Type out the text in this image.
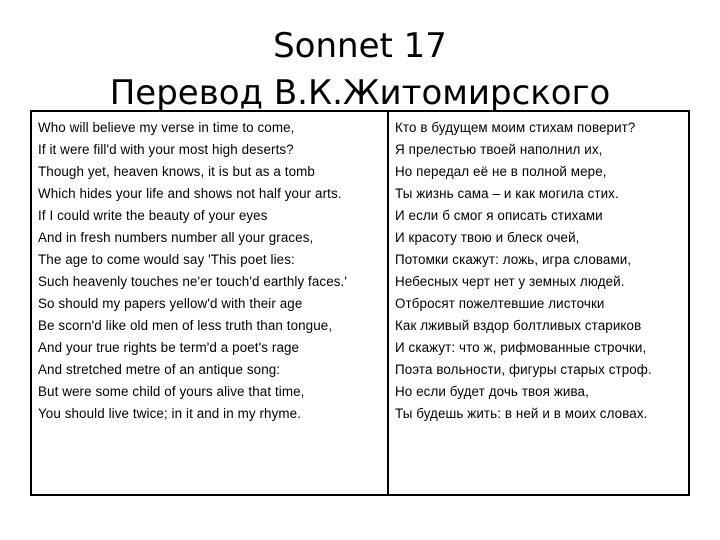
Sonnet 17
Перевод В.К.Житомирского
Who will believe my verse in time to come,
If it were fill'd with your most high deserts?
Though yet, heaven knows, it is but as a tomb
Which hides your life and shows not half your arts.
If I could write the beauty of your eyes
And in fresh numbers number all your graces,
The age to come would say 'This poet lies:
Such heavenly touches ne'er touch'd earthly faces.'
So should my papers yellow'd with their age
Be scorn'd like old men of less truth than tongue,
And your true rights be term'd a poet's rage
And stretched metre of an antique song:
But were some child of yours alive that time,
You should live twice; in it and in my rhyme.
Кто в будущем моим стихам поверит?
Я прелестью твоей наполнил их,
Но передал её не в полной мере,
Ты жизнь сама – и как могила стих.
И если б смог я описать стихами
И красоту твою и блеск очей,
Потомки скажут: ложь, игра словами,
Небесных черт нет у земных людей.
Отбросят пожелтевшие листочки
Как лживый вздор болтливых стариков
И скажут: что ж, рифмованные строчки,
Поэта вольности, фигуры старых строф.
Но если будет дочь твоя жива,
Ты будешь жить: в ней и в моих словах.
